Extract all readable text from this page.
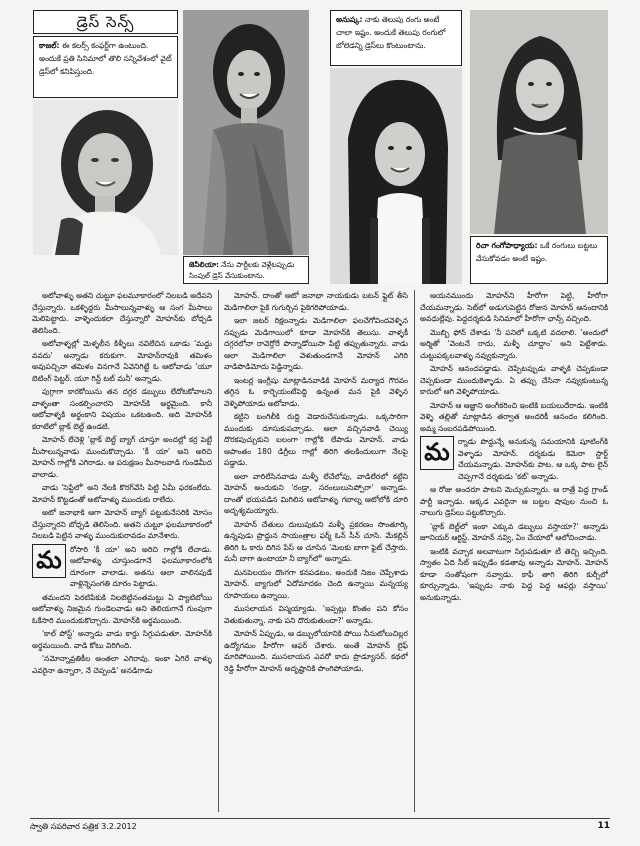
డ్రెస్ సెన్స్
కాజల్: ఈ కలర్స్ కంఫర్ట్‌గా ఉంటుంది. అందుకే ప్రతి సినిమాలో తొలి సన్నివేశంలో వైట్ డ్రెస్‌లో కనిపిస్తుంది.
జెనీలియా: నేను పార్టీలకు వెళ్లేటప్పుడు సింపుల్ డ్రెస్ వేసుకుంటాను.
అనుష్క: నాకు తెలుపు రంగు అంటే చాలా ఇష్టం. అందుకే తెలుపు రంగులో బోలెడన్ని డ్రెస్‌లు కొంటుంటాను.
రిచా గంగోపాధ్యాయ: ఒకే రంగులు బట్టలు వేసుకోవడం అంటే ఇష్టం.

అటోవాళ్ళు అతని చుట్టూ ఫలమూకారంలో నిలబడి అదేపని చేస్తున్నారు. ఒకళ్ళిద్దరు మీసాలున్నవాళ్ళు ఆ సంగ మీసాలు మెలిపెట్టారు. వాళ్ళెందుకలా చేస్తున్నారో మోహన్‌కు బోధ్పడి తెలిసింది.

అటోవాళ్ళల్లో మెళ్ళలీన కిళ్ళీలు నవిలేచిన ఒకాడు 'మద్దు వవదు' అన్నాడు కరుకుగా. మోహన్‌రావుకి తమిళం అవుపచ్చినా తమిళం వినగానే ఏవెనిగిట్టే ఓ ఆటోవాడు 'యూ బెటింగ్ పెట్టర్. యూ గిన్ట్ టట్ మనీ' అన్నాడు.

పుగ్గాగా కారకోయిను తన దగ్గర డబ్బులు లేదోటకోవాలని వాళ్ళంతా సంకల్పించారని మోహన్‌కి అర్థమైంది. కానీ ఆటోవాళ్ళకి అర్థంకాని విషయం ఒకటఉంది. అది మోహన్‌కి కరాటేలో బ్లాక్ బెల్ట్ ఉండటి.

మోహన్ లేచెళ్లి 'బ్లాక్ బెల్ట్ బ్యాగ్ చూస్తూ అందల్లో కర్ర పెట్టే మీసాలున్నవాడు ముందుకొచ్చాడు. 'కీ యా' అని అరిచి మోహన్ గాల్లోకి ఎగిరాడు. ఆ పరుక్షణం మీసాలవాడి గుండెమీద వాలాడు.

వాడు 'సెప్టేలో' అని నేలకి కొరగ్‌వేసి పిట్టి ఏమీ ఫరకంలేదు. మోహన్ కొట్టడంతో అటోవాళ్ళు ముందుకు రాలేదు.

అటో జనాభాకి ఆగా మోహన్ బ్యాగ్ పట్టుకునేసరికి మోసం చేస్తున్నారని బోధ్పడి తెలిసింది. అతని చుట్టూ ఫలమూకారంలో నిలబడి పెట్టిన వాళ్ళు ముందుకురావడం మానేశారు.

మ	రోసారి 'కీ యా' అని అరిచి గాల్లోకి లేచాడు. ఆటోవాళ్ళు చూస్తుండగానే ఫలమూకారంలోకి దూరంగా వాలాడు. అతను ఆలా వాలినపుడే వాళ్లిన్నెసంగతి దూరం పెట్టాడు.

తమందని పెరటిపేకుకి నిలబెట్టినంతమట్టు ఏ ప్యాటిబోయి ఆటోవాళ్ళు నిజమైన గుండెలవాడు అని తెలియగానే గుంపుగా ఓకేసారి ముందుకుకొచ్చారు. మోహన్‌కి అర్థమయింది.

'కాల్ పోస్ట్' అన్నాడు వాడు కార్డు సిగ్గుపడుతూ. మోహన్‌కి అర్థమయింది. వాడి కోటు విరిగింది.

'నమోన్నావ్రతికీల అంతలా ఎగిరావు. ఇంకా ఏగిరే వాళ్ళు ఎవరైనా ఉన్నారా, నే చెప్పండి' అనడిగాడు

మోహన్. దాంతో ఆటో జనాభా నాయకుడు బటన్ ఫ్లైట్ తీసి మెడిగాలిలా పైకి గుగుర్చిన పైకెగరిపోయాడు.

ఇలా జటర్ రిక్షలన్నాడు మెడిగాలిలా ఫలచేగోవిందవెళ్ళిన నప్పుడు మెడిగాయిలో కూడా మోహన్‌కి తెలుసు. వాళ్ళకీ దగ్గరలోనా రావెర్తోరే పొన్నాడోయిసా పేట్టి తప్పుతున్నారు. వాడు ఆలా మెడిగాలిలా వెళుతుండగానే మోహన్ ఎగిరి వాడిపొడిమోదు పెడ్డిన్నాడు.

ఇంటర్ల ఇంగ్లీషు మాట్లాడినవాడికి మోహన్ మర్యాద గౌరవం తగ్గిన ఓ కార్బెయంటేపెద్ది ఉన్నంత మన పైకి వెళ్ళిన వెళ్ళిపోయాడు అటోవాడు.

కట్టిని బంగిలీకి రుద్ది వెడారుచేసుకున్నాడు. ఒక్కసారిగా ముందుకు దూసుకుపచ్చాడు. ఆలా వచ్చినవాడి చెయ్యి దొరకపుచ్చుకుని బలంగా గాల్లోకి లేపాడు మోహన్. వాడు ఆపాంతం 180 డిగ్రీలు గాల్లో తిరిగి తలకిందులుగా నేలపై పడ్డాడు.

అలా వారిలేసినవాడు మళ్ళీ లేచేలోపు, వాడిలేరలో కట్టేని మోహన్ అందుకుని 'రండ్రా, సరంలులుసెప్పోరా' అన్నాడు. దాంతో భయపడిన మిగిలిన ఆటోవాళ్ళు గబాల్న ఆటోలోకి దూరి అదృశ్యమయ్యారు.

మోహన్ చేతులు దులుపుకుని మళ్ళీ ప్రకరణం సొంతూర్కి ఉన్నపుడు ప్రొద్దున సాయంత్రాల ఫర్మ్ ఓన్ సీన్ చూసి. మేకల్లిన్ తిరిగి ఓ కారు దిగిన పేస్ ఆ చూసిన 'మెలకు బాగా ఫైట్ చేస్తారు. మనీ బాగా ఉంటాయా నీ బ్యాగ్‌లో' అన్నాడు.

మనపెలయం దొంగగా కనపడటం. అందుకే నిజం చెప్పేశాడు మోహన్. బ్యాగులో ఏదోమాదకం చెంది ఉన్నాయి మన్నయ్య రూపాయలు ఉన్నాయి.

ముసలాయన విస్మయ్యాడు. 'ఇప్పట్లు కొంతం పని కోసం వెతుకుతున్నా. నాకు పని దొరుకుతుందా?' అన్నాడు.

మోహన్ ఏప్పుడు, ఆ డబ్బులోయానికి పోయి నీనుటోలుచిల్లర ఉద్యోగమం హీరోగా ఆఫర్ చేశారు. అంతే మోహన్ లైఫ్ మారిపోయింది. ముసలాయన ఎవరో కాదు ప్రొడ్యూసర్. కథలో రెడ్డి హీరోగా మోహన్ అదృష్టానికి పొంగిపోయాడు.

ఆయనముందు మోహన్‌ని హీరోగా పెట్టి, హీరోగా చేయమన్నాడు. సెట్‌లో అడుగుపెట్టిన రోజున మోహన్ ఆనందానికి అవధుల్లేవు. పెద్దదర్శకుడి సినిమాలో హీరోగా ఛాన్స్ వచ్చింది.

మొబ్బి ఫోన్ చేశాడు 'నీ పనిలో ఒక్కటి వదలాలి. 'అందులో అర్మితో 'వెంటనే రాదు, మళ్ళీ చూద్దాం' అని పెట్టేశాడు. చుట్టుపక్కలవాళ్ళు నవ్వుకున్నారు.

మోహన్ ఆనందపడ్డాడు. చెప్పేటప్పుడు వాళ్ళకి చెప్పకుండా చెప్పకుండా ముందుకెళ్ళాడు. ఏ తప్పు చేసినా నవ్వుకుంటున్న కారులో ఆగి వెళ్ళిపోయాడు.

మోహన్ ఆ ఆజ్ఞాని అంగీకరించి ఇంటికి బయలుదేరాడు. ఇంటికి వెళ్ళి తల్లితో మాట్లాడిన తర్వాత అందరికీ ఆనందం కలిగింది. అమ్మ సంబరపడిపోయింది.

మ	ర్నాడు పొద్దున్నే అనుకున్న సమయానికి షూటింగ్‌కి వెళ్ళాడు మోహన్. దర్శకుడు కెమెరా స్టార్ట్ చేయమన్నాడు. మోహన్‌కు పాట. ఆ ఒక్క పాట లైన్ చెప్పగానే దర్శకుడు 'కట్' అన్నాడు.

ఆ రోజు అందరూ పాటని మెచ్చుకున్నారు. ఆ రాత్రే పెద్ద గ్రాండ్ పార్టీ ఇచ్చాడు. అక్కడ ఎవరైనా ఆ బట్టల షాపుల నుంచి ఓ నాలుగు డ్రెస్‌లు పట్టుకొచ్చారు.

'బ్లాక్ బెల్ట్‌లో ఇంకా ఎక్కువ డబ్బులు వస్తాయా?' అన్నాడు జూనియర్ ఆర్టిస్ట్. మోహన్ నవ్వి, ఏం చేయాలో ఆలోచించాడు.

ఇంటికి వచ్చాక అలవాటుగా సిగ్గుపడుతూ టీ తెచ్చి ఇచ్చింది. స్వాతం ఏది సీట్ ఇప్పుడేం కడతావు అన్నాడు మోహన్. మోహన్ కూడా సంతోషంగా నవ్వాడు. కాఫీ తాగి తిరిగి కుర్చీలో కూర్చున్నాడు. 'ఇప్పుడు నాకు పెద్ద పెద్ద ఆఫర్లు వస్తాయి' అనుకున్నాడు.

స్వాతి సపరివార పత్రిక 3.2.2012	11
